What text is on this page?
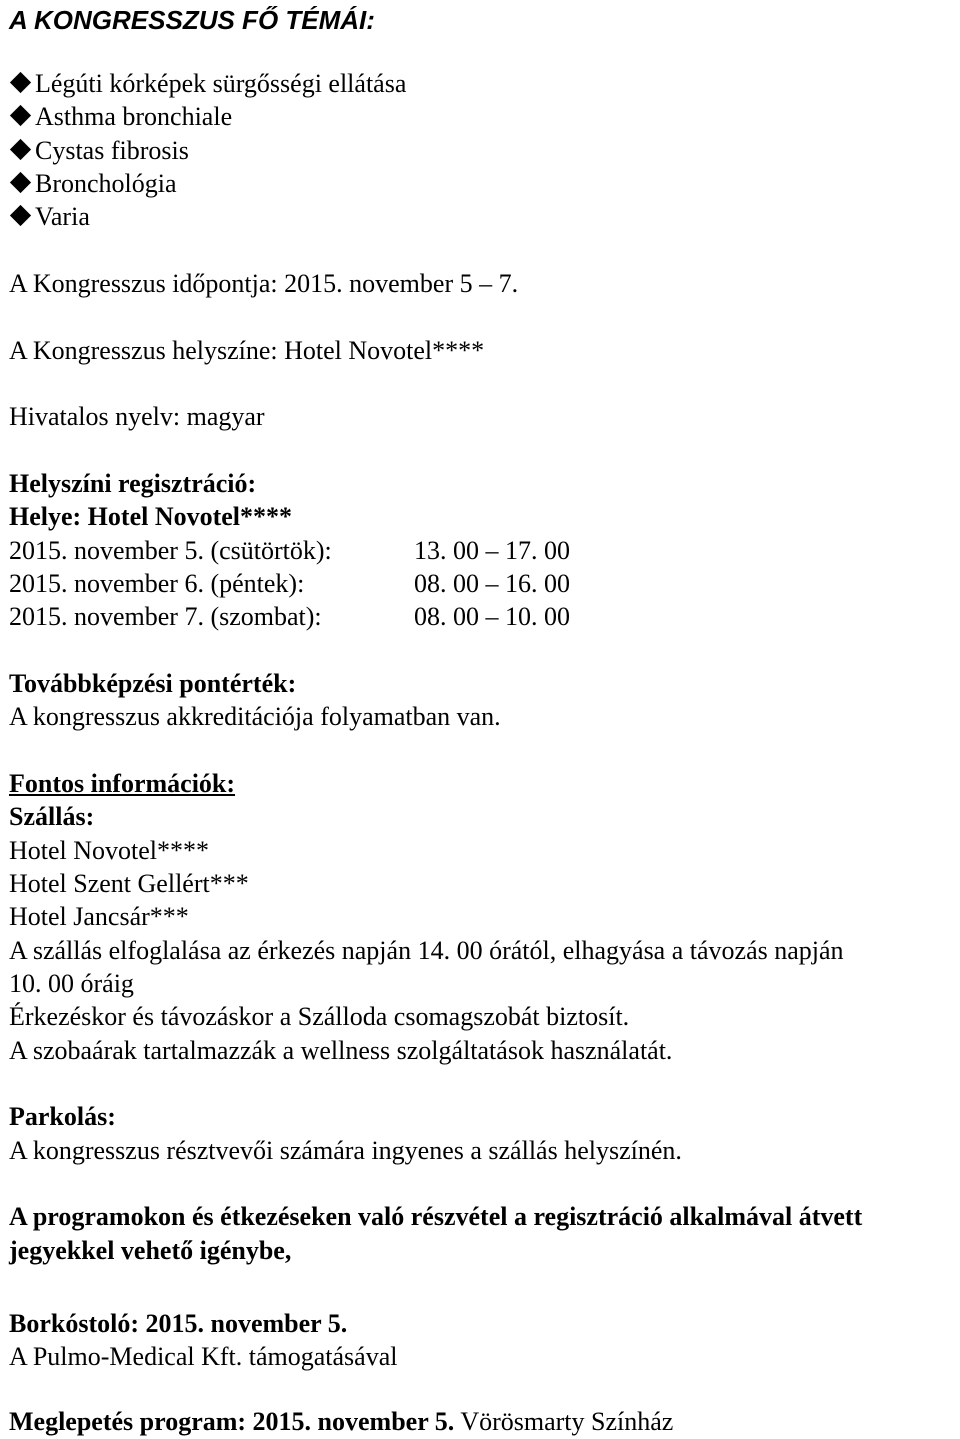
A KONGRESSZUS FŐ TÉMÁI:
Légúti kórképek sürgősségi ellátása
Asthma bronchiale
Cystas fibrosis
Bronchológia
Varia
A Kongresszus időpontja: 2015. november 5 – 7.
A Kongresszus helyszíne: Hotel Novotel****
Hivatalos nyelv: magyar
Helyszíni regisztráció:
Helye: Hotel Novotel****
2015. november 5. (csütörtök):	13. 00 – 17. 00
2015. november 6. (péntek):	08. 00 – 16. 00
2015. november 7. (szombat):	08. 00 – 10. 00
Továbbképzési pontérték:
A kongresszus akkreditációja folyamatban van.
Fontos információk:
Szállás:
Hotel Novotel****
Hotel Szent Gellért***
Hotel Jancsár***
A szállás elfoglalása az érkezés napján 14. 00 órától, elhagyása a távozás napján
10. 00 óráig
Érkezéskor és távozáskor a Szálloda csomagszobát biztosít.
A szobaárak tartalmazzák a wellness szolgáltatások használatát.
Parkolás:
A kongresszus résztvevői számára ingyenes a szállás helyszínén.
A programokon és étkezéseken való részvétel a regisztráció alkalmával átvett
jegyekkel vehető igénybe,
Borkóstoló: 2015. november 5.
A Pulmo-Medical Kft. támogatásával
Meglepetés program: 2015. november 5. Vörösmarty Színház
